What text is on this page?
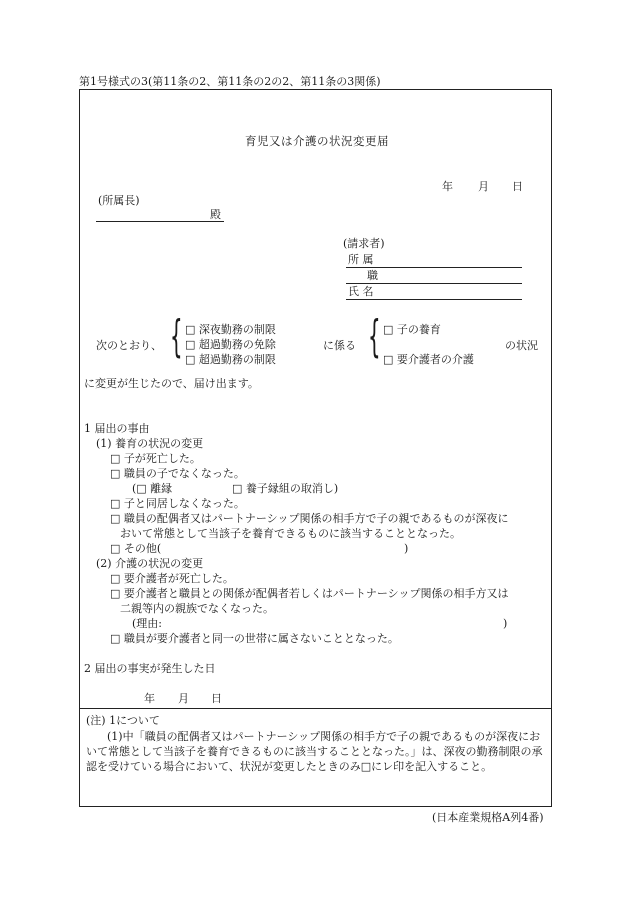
第1号様式の3(第11条の2、第11条の2の2、第11条の3関係)
育児又は介護の状況変更届
年 月 日
(所属長)
殿
(請求者)
所 属
職
氏 名
次のとおり、 { □ 深夜勤務の制限
□ 超過勤務の免除
□ 超過勤務の制限
に係る { □ 子の養育
□ 要介護者の介護
の状況
に変更が生じたので、届け出ます。
1 届出の事由
(1) 養育の状況の変更
□ 子が死亡した。
□ 職員の子でなくなった。
(□ 離縁	□ 養子縁組の取消し)
□ 子と同居しなくなった。
□ 職員の配偶者又はパートナーシップ関係の相手方で子の親であるものが深夜に
おいて常態として当該子を養育できるものに該当することとなった。
□ その他(	)
(2) 介護の状況の変更
□ 要介護者が死亡した。
□ 要介護者と職員との関係が配偶者若しくはパートナーシップ関係の相手方又は
二親等内の親族でなくなった。
(理由:	)
□ 職員が要介護者と同一の世帯に属さないこととなった。
2 届出の事実が発生した日
年 月 日
(注) 1について
(1)中「職員の配偶者又はパートナーシップ関係の相手方で子の親であるものが深夜において常態として当該子を養育できるものに該当することとなった。」は、深夜の勤務制限の承認を受けている場合において、状況が変更したときのみ□にレ印を記入すること。
(日本産業規格A列4番)
